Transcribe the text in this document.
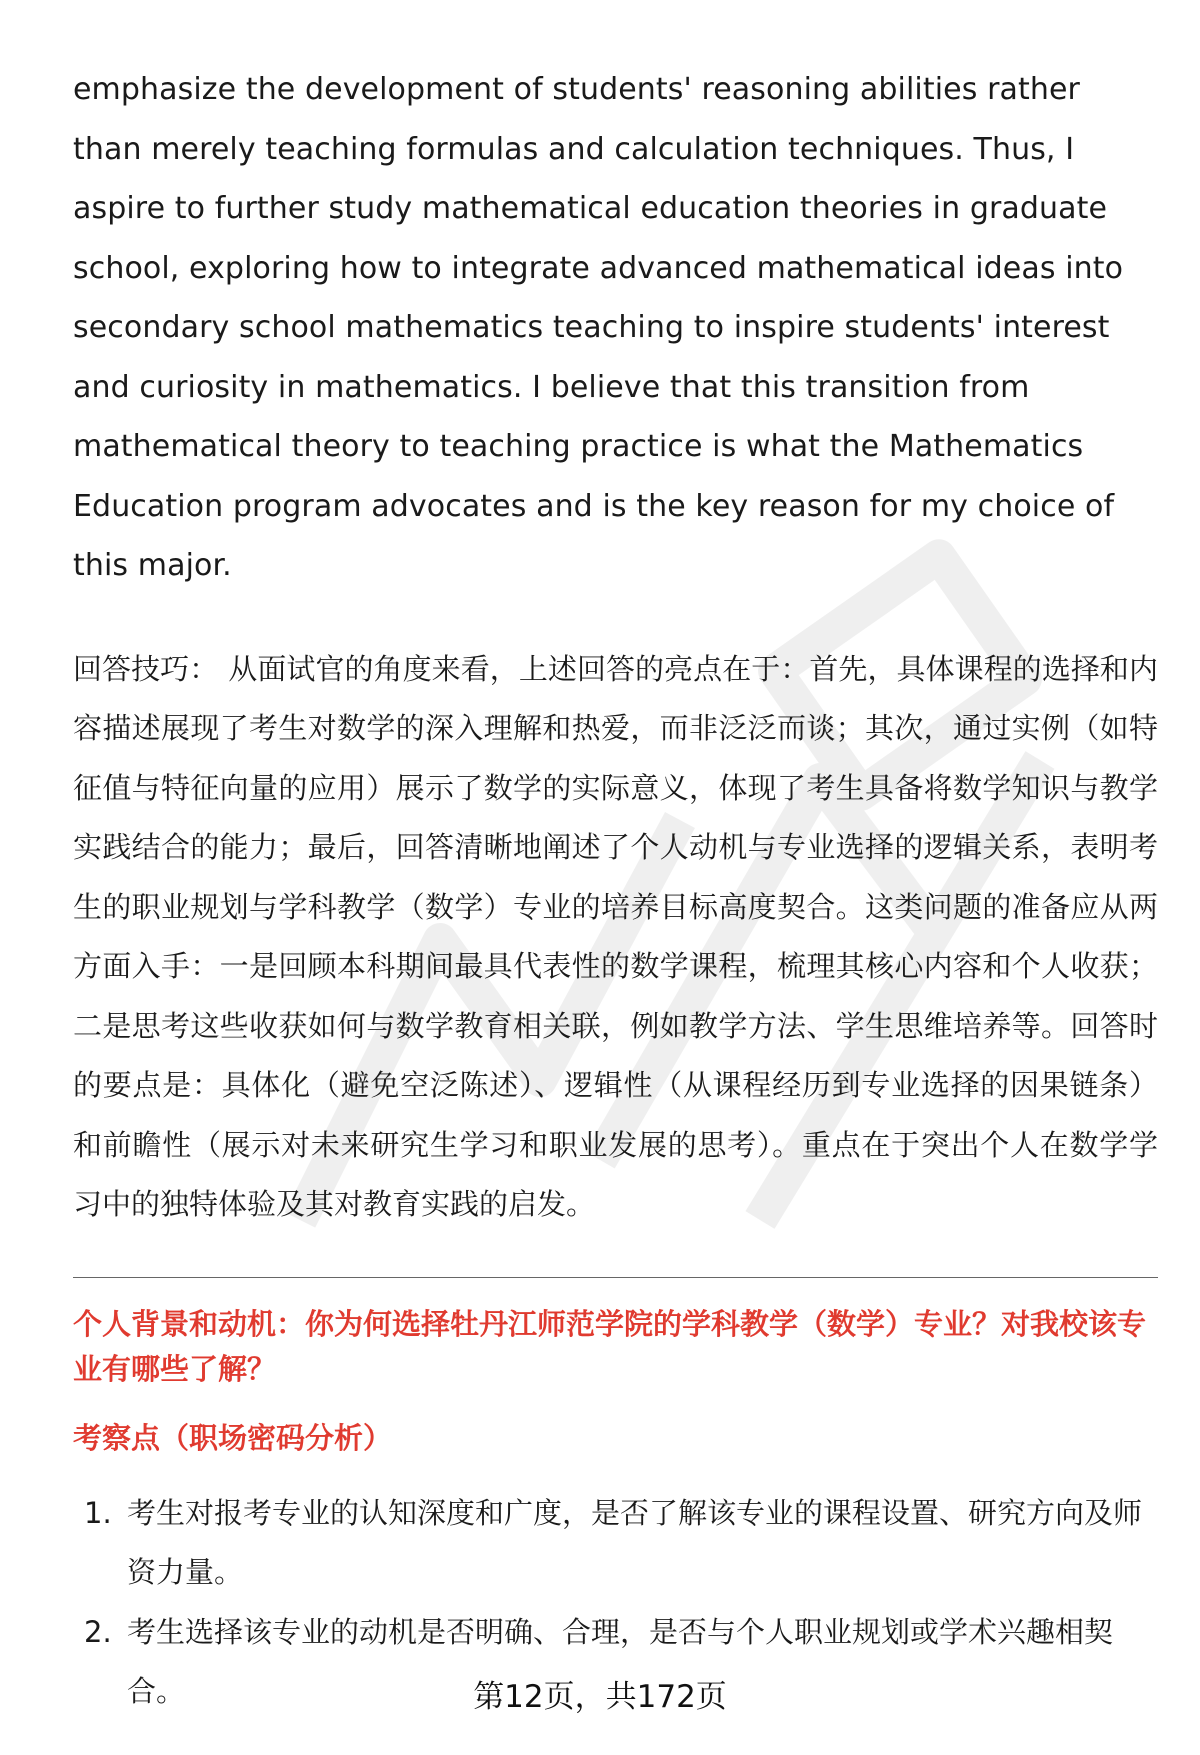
emphasize the development of students' reasoning abilities rather than merely teaching formulas and calculation techniques. Thus, I aspire to further study mathematical education theories in graduate school, exploring how to integrate advanced mathematical ideas into secondary school mathematics teaching to inspire students' interest and curiosity in mathematics. I believe that this transition from mathematical theory to teaching practice is what the Mathematics Education program advocates and is the key reason for my choice of this major.

回答技巧： 从面试官的角度来看，上述回答的亮点在于：首先，具体课程的选择和内容描述展现了考生对数学的深入理解和热爱，而非泛泛而谈；其次，通过实例（如特征值与特征向量的应用）展示了数学的实际意义，体现了考生具备将数学知识与教学实践结合的能力；最后，回答清晰地阐述了个人动机与专业选择的逻辑关系，表明考生的职业规划与学科教学（数学）专业的培养目标高度契合。这类问题的准备应从两方面入手：一是回顾本科期间最具代表性的数学课程，梳理其核心内容和个人收获；二是思考这些收获如何与数学教育相关联，例如教学方法、学生思维培养等。回答时的要点是：具体化（避免空泛陈述）、逻辑性（从课程经历到专业选择的因果链条）和前瞻性（展示对未来研究生学习和职业发展的思考）。重点在于突出个人在数学学习中的独特体验及其对教育实践的启发。
个人背景和动机：你为何选择牡丹江师范学院的学科教学（数学）专业？对我校该专业有哪些了解？
考察点（职场密码分析）
1. 考生对报考专业的认知深度和广度，是否了解该专业的课程设置、研究方向及师资力量。
2. 考生选择该专业的动机是否明确、合理，是否与个人职业规划或学术兴趣相契合。	第12页，共172页
